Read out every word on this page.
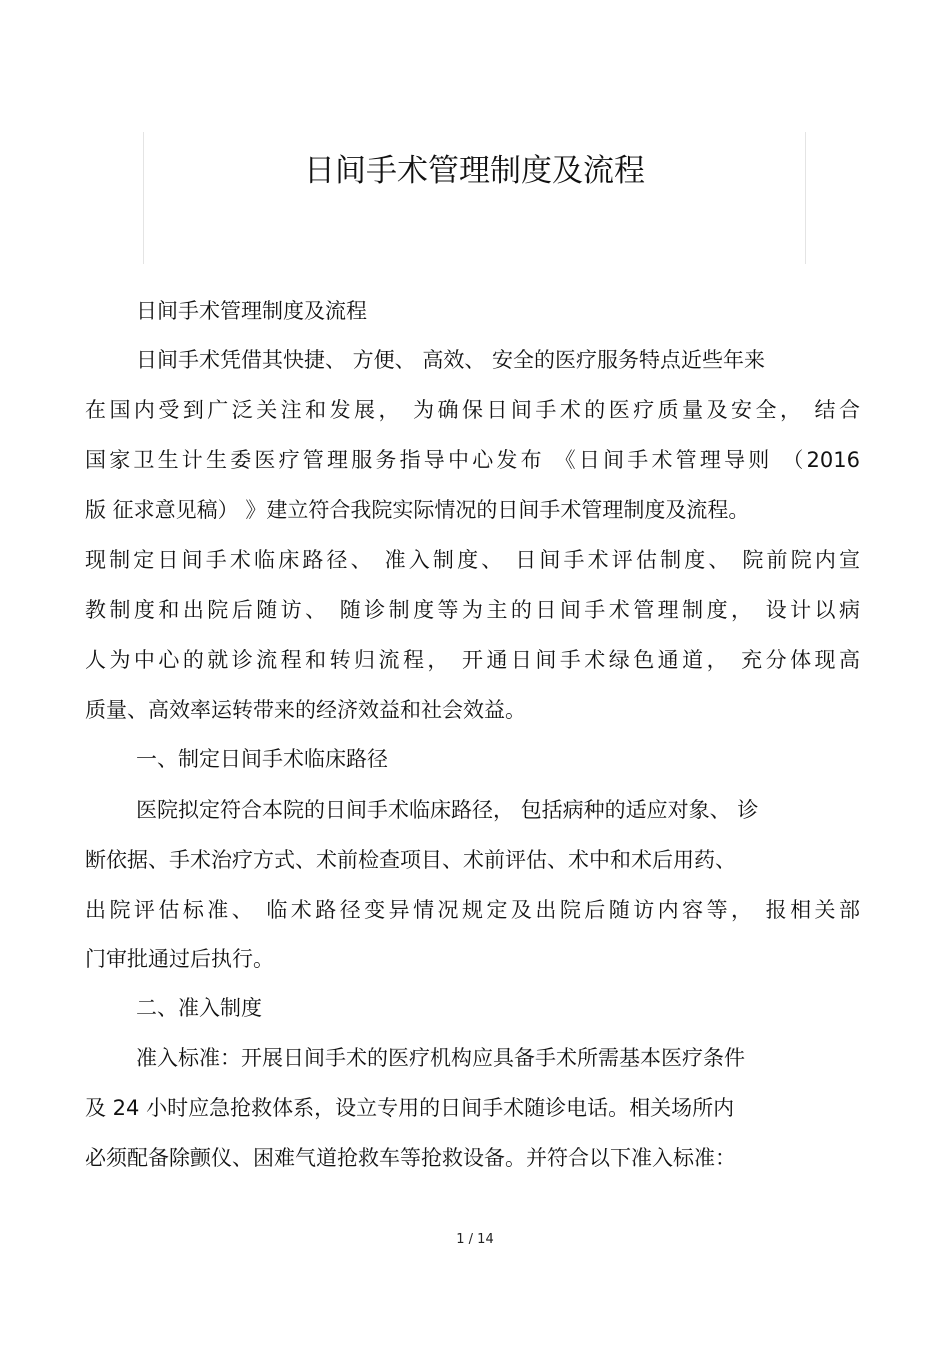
日间手术管理制度及流程
日间手术管理制度及流程
日间手术凭借其快捷、 方便、 高效、 安全的医疗服务特点近些年来
在国内受到广泛关注和发展， 为确保日间手术的医疗质量及安全， 结合
国家卫生计生委医疗管理服务指导中心发布 《日间手术管理导则 （2016
版 征求意见稿） 》建立符合我院实际情况的日间手术管理制度及流程。
现制定日间手术临床路径、 准入制度、 日间手术评估制度、 院前院内宣
教制度和出院后随访、 随诊制度等为主的日间手术管理制度， 设计以病
人为中心的就诊流程和转归流程， 开通日间手术绿色通道， 充分体现高
质量、高效率运转带来的经济效益和社会效益。
一、制定日间手术临床路径
医院拟定符合本院的日间手术临床路径， 包括病种的适应对象、 诊
断依据、手术治疗方式、术前检查项目、术前评估、术中和术后用药、
出院评估标准、 临术路径变异情况规定及出院后随访内容等， 报相关部
门审批通过后执行。
二、准入制度
准入标准：开展日间手术的医疗机构应具备手术所需基本医疗条件
及 24 小时应急抢救体系，设立专用的日间手术随诊电话。相关场所内
必须配备除颤仪、困难气道抢救车等抢救设备。并符合以下准入标准：
1 / 14
